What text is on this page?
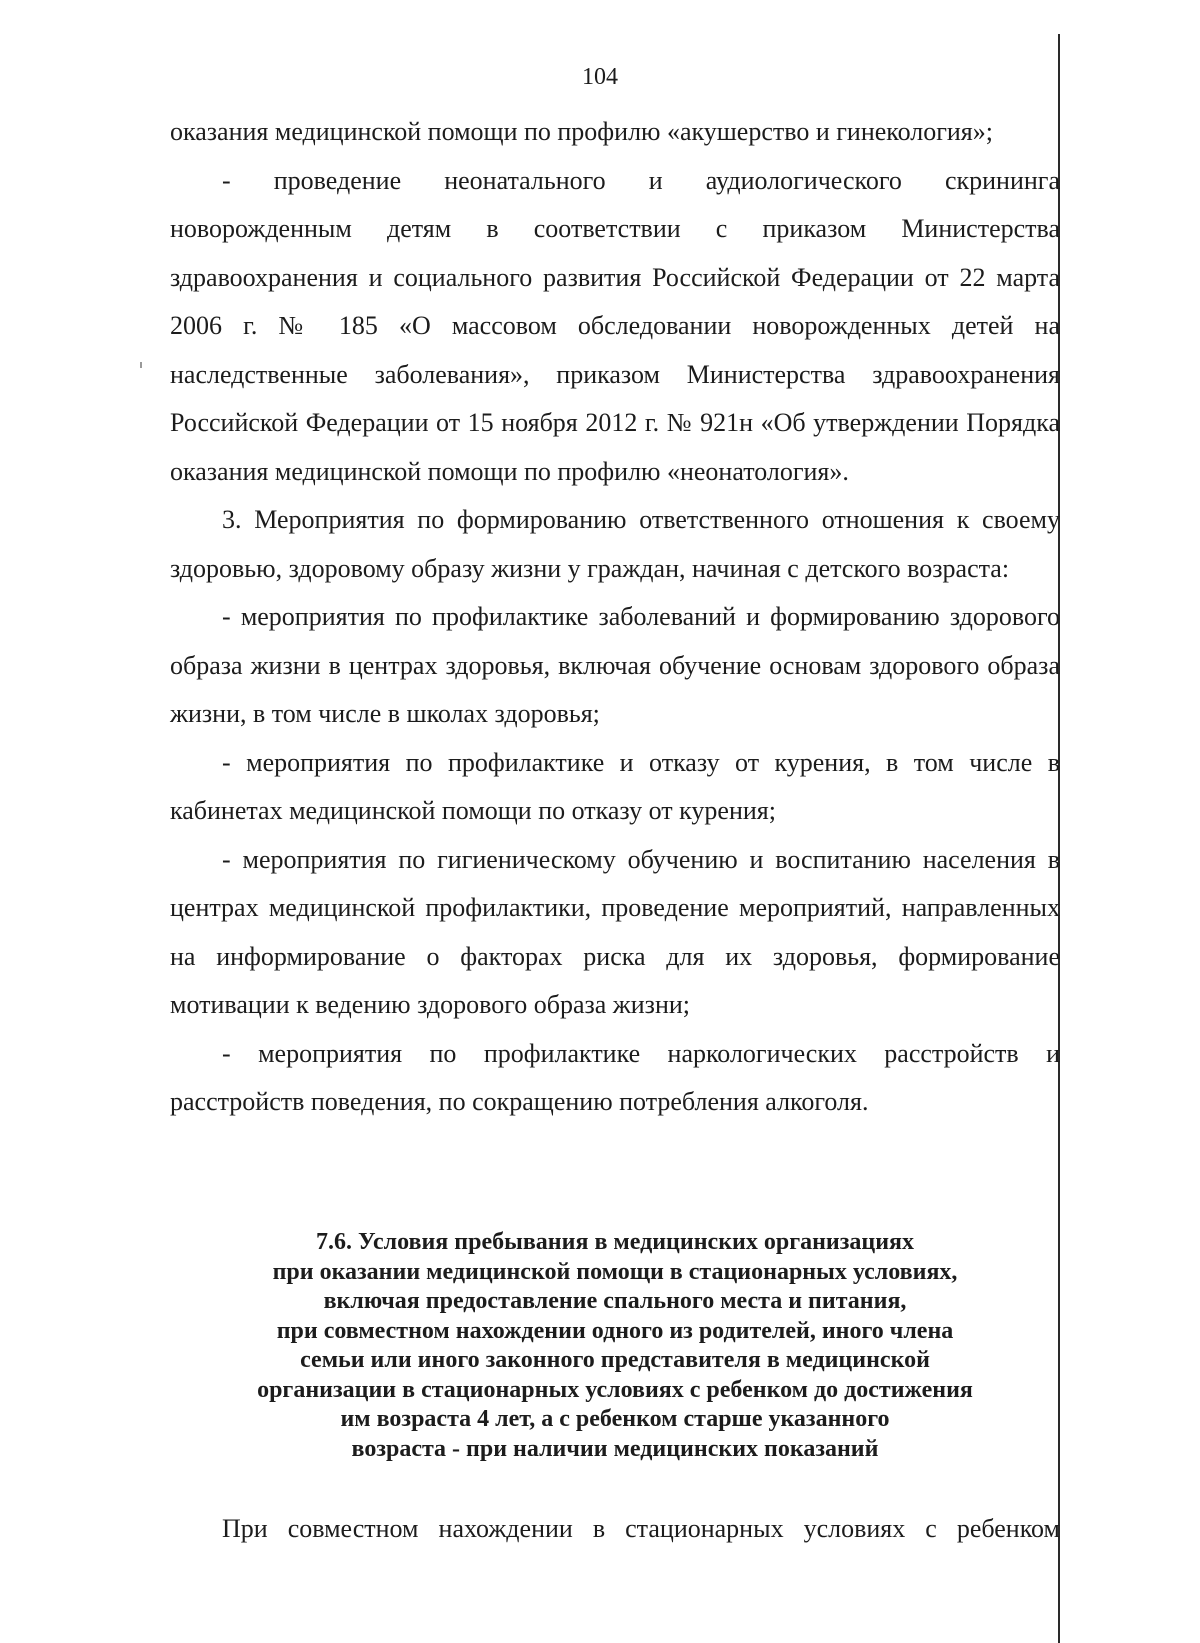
104

оказания медицинской помощи по профилю «акушерство и гинекология»;

- проведение неонатального и аудиологического скрининга новорожденным детям в соответствии с приказом Министерства здравоохранения и социального развития Российской Федерации от 22 марта 2006 г. № 185 «О массовом обследовании новорожденных детей на наследственные заболевания», приказом Министерства здравоохранения Российской Федерации от 15 ноября 2012 г. № 921н «Об утверждении Порядка оказания медицинской помощи по профилю «неонатология».

3. Мероприятия по формированию ответственного отношения к своему здоровью, здоровому образу жизни у граждан, начиная с детского возраста:

- мероприятия по профилактике заболеваний и формированию здорового образа жизни в центрах здоровья, включая обучение основам здорового образа жизни, в том числе в школах здоровья;

- мероприятия по профилактике и отказу от курения, в том числе в кабинетах медицинской помощи по отказу от курения;

- мероприятия по гигиеническому обучению и воспитанию населения в центрах медицинской профилактики, проведение мероприятий, направленных на информирование о факторах риска для их здоровья, формирование мотивации к ведению здорового образа жизни;

- мероприятия по профилактике наркологических расстройств и расстройств поведения, по сокращению потребления алкоголя.

7.6. Условия пребывания в медицинских организациях
при оказании медицинской помощи в стационарных условиях,
включая предоставление спального места и питания,
при совместном нахождении одного из родителей, иного члена
семьи или иного законного представителя в медицинской
организации в стационарных условиях с ребенком до достижения
им возраста 4 лет, а с ребенком старше указанного
возраста - при наличии медицинских показаний
При совместном нахождении в стационарных условиях с ребенком
